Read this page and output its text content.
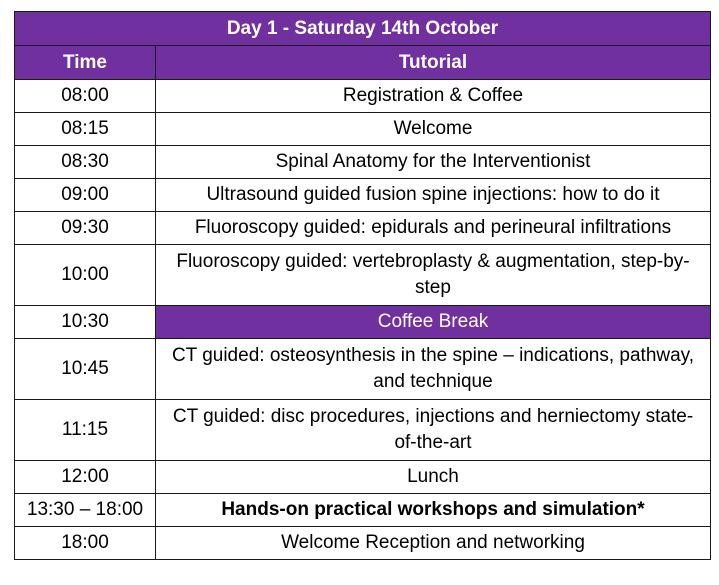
Day 1 - Saturday 14th October	
Time	Tutorial
08:00	Registration & Coffee
08:15	Welcome
08:30	Spinal Anatomy for the Interventionist
09:00	Ultrasound guided fusion spine injections: how to do it
09:30	Fluoroscopy guided: epidurals and perineural infiltrations
10:00	Fluoroscopy guided: vertebroplasty & augmentation, step-by-step
10:30	Coffee Break
10:45	CT guided: osteosynthesis in the spine – indications, pathway, and technique
11:15	CT guided: disc procedures, injections and herniectomy state-of-the-art
12:00	Lunch
13:30 – 18:00	Hands-on practical workshops and simulation*
18:00	Welcome Reception and networking
